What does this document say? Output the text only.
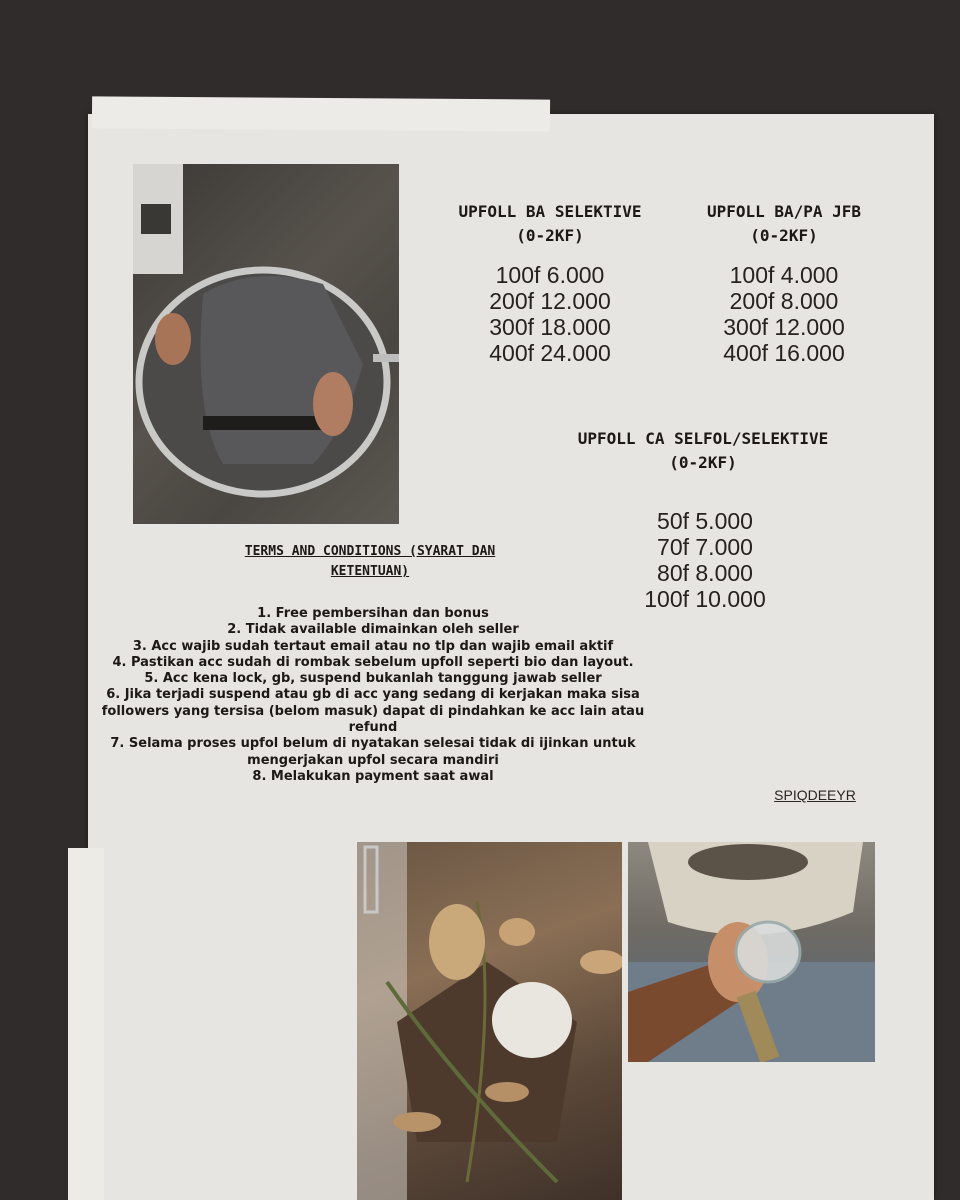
UPFOLL BA SELEKTIVE
(0-2KF)
100f 6.000
200f 12.000
300f 18.000
400f 24.000
UPFOLL BA/PA JFB
(0-2KF)
100f 4.000
200f 8.000
300f 12.000
400f 16.000
UPFOLL CA SELFOL/SELEKTIVE
(0-2KF)
50f 5.000
70f 7.000
80f 8.000
100f 10.000
TERMS AND CONDITIONS (SYARAT DAN KETENTUAN)
1. Free pembersihan dan bonus
2. Tidak available dimainkan oleh seller
3. Acc wajib sudah tertaut email atau no tlp dan wajib email aktif
4. Pastikan acc sudah di rombak sebelum upfoll seperti bio dan layout.
5. Acc kena lock, gb, suspend bukanlah tanggung jawab seller
6. Jika terjadi suspend atau gb di acc yang sedang di kerjakan maka sisa followers yang tersisa (belom masuk) dapat di pindahkan ke acc lain atau refund
7. Selama proses upfol belum di nyatakan selesai tidak di ijinkan untuk mengerjakan upfol secara mandiri
8. Melakukan payment saat awal
SPIQDEEYR
